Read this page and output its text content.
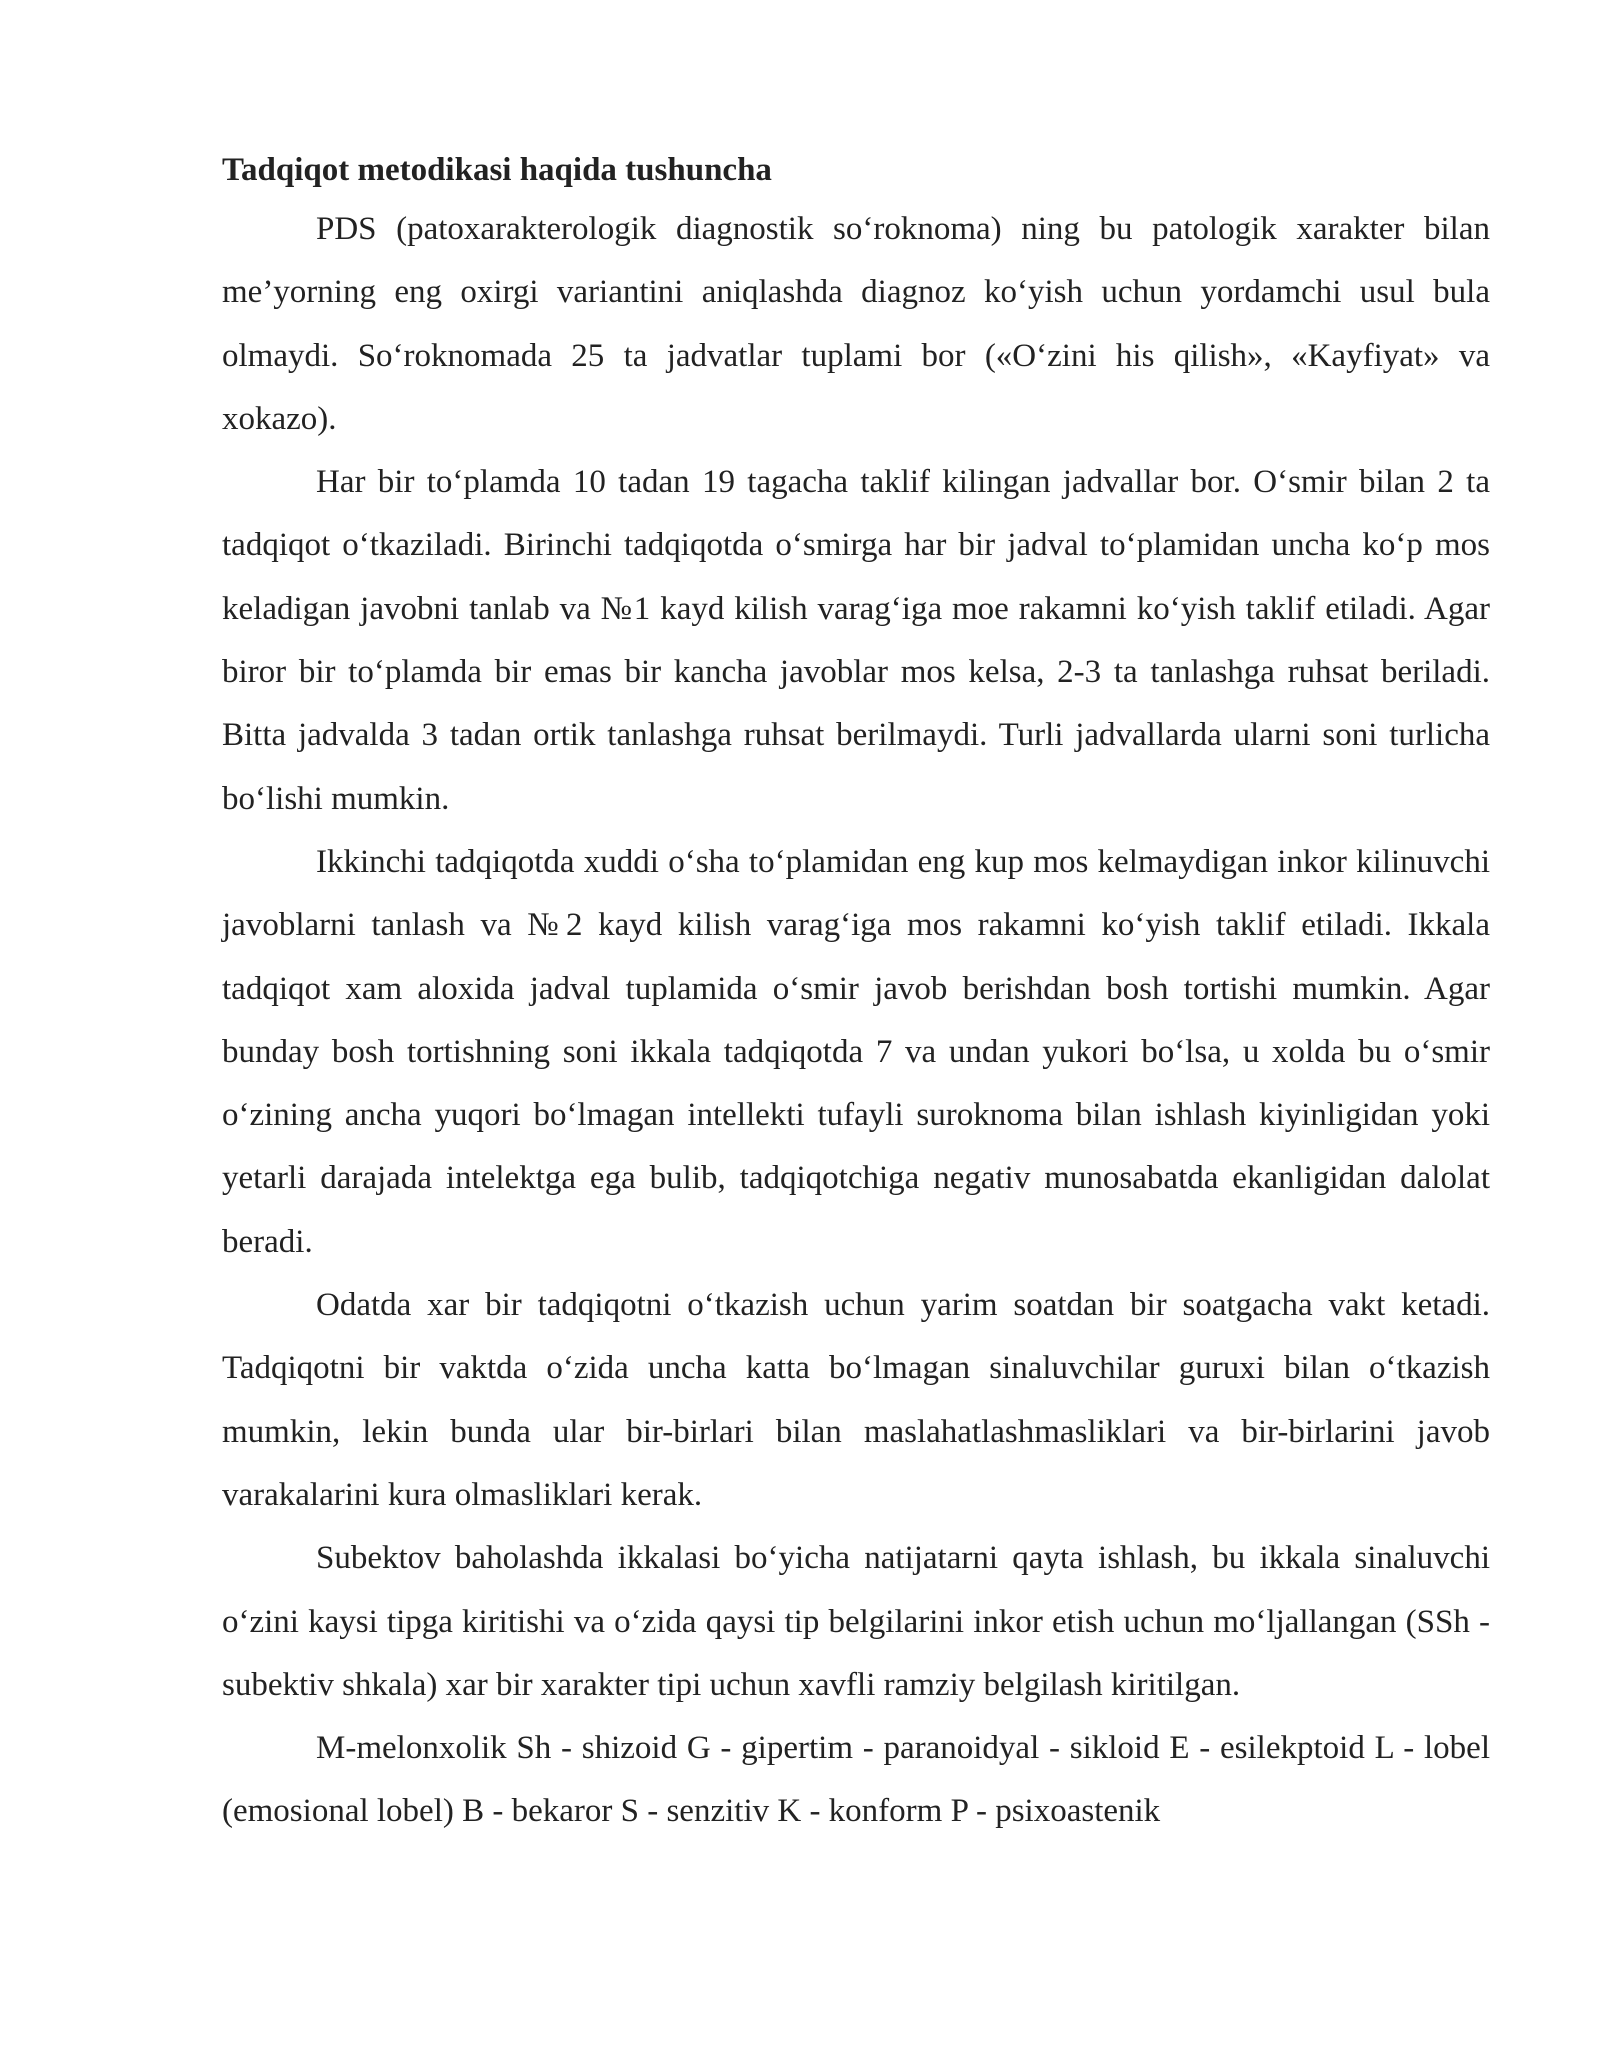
Tadqiqot metodikasi haqida tushuncha

PDS (patoxarakterologik diagnostik so‘roknoma) ning bu patologik xarakter bilan me’yorning eng oxirgi variantini aniqlashda diagnoz ko‘yish uchun yordamchi usul bula olmaydi. So‘roknomada 25 ta jadvatlar tuplami bor («O‘zini his qilish», «Kayfiyat» va xokazo).

Har bir to‘plamda 10 tadan 19 tagacha taklif kilingan jadvallar bor. O‘smir bilan 2 ta tadqiqot o‘tkaziladi. Birinchi tadqiqotda o‘smirga har bir jadval to‘plamidan uncha ko‘p mos keladigan javobni tanlab va №1 kayd kilish varag‘iga moe rakamni ko‘yish taklif etiladi. Agar biror bir to‘plamda bir emas bir kancha javoblar mos kelsa, 2-3 ta tanlashga ruhsat beriladi. Bitta jadvalda 3 tadan ortik tanlashga ruhsat berilmaydi. Turli jadvallarda ularni soni turlicha bo‘lishi mumkin.

Ikkinchi tadqiqotda xuddi o‘sha to‘plamidan eng kup mos kelmaydigan inkor kilinuvchi javoblarni tanlash va №2 kayd kilish varag‘iga mos rakamni ko‘yish taklif etiladi. Ikkala tadqiqot xam aloxida jadval tuplamida o‘smir javob berishdan bosh tortishi mumkin. Agar bunday bosh tortishning soni ikkala tadqiqotda 7 va undan yukori bo‘lsa, u xolda bu o‘smir o‘zining ancha yuqori bo‘lmagan intellekti tufayli suroknoma bilan ishlash kiyinligidan yoki yetarli darajada intelektga ega bulib, tadqiqotchiga negativ munosabatda ekanligidan dalolat beradi.

Odatda xar bir tadqiqotni o‘tkazish uchun yarim soatdan bir soatgacha vakt ketadi. Tadqiqotni bir vaktda o‘zida uncha katta bo‘lmagan sinaluvchilar guruxi bilan o‘tkazish mumkin, lekin bunda ular bir-birlari bilan maslahatlashmasliklari va bir-birlarini javob varakalarini kura olmasliklari kerak.

Subektov baholashda ikkalasi bo‘yicha natijatarni qayta ishlash, bu ikkala sinaluvchi o‘zini kaysi tipga kiritishi va o‘zida qaysi tip belgilarini inkor etish uchun mo‘ljallangan (SSh - subektiv shkala) xar bir xarakter tipi uchun xavfli ramziy belgilash kiritilgan.

M-melonxolik Sh - shizoid G - gipertim - paranoidyal - sikloid E - esilekptoid L - lobel (emosional lobel) B - bekaror S - senzitiv K - konform P - psixoastenik
